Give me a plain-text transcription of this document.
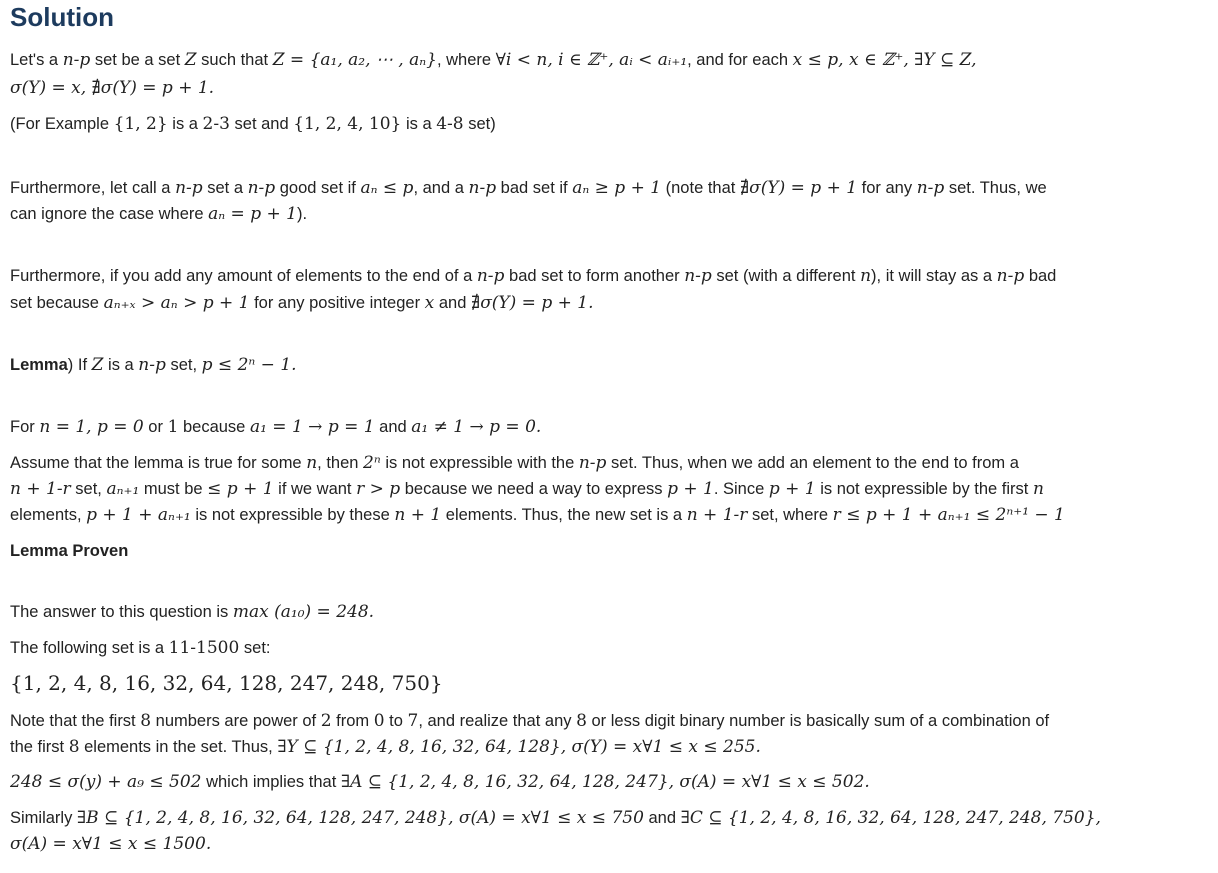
Solution
Let's a n-p set be a set Z such that Z = {a₁, a₂, ⋯ , aₙ}, where ∀i < n, i ∈ ℤ⁺, aᵢ < aᵢ₊₁, and for each x ≤ p, x ∈ ℤ⁺, ∃Y ⊆ Z,
σ(Y) = x, ∄σ(Y) = p + 1.
(For Example {1, 2} is a 2-3 set and {1, 2, 4, 10} is a 4-8 set)
Furthermore, let call a n-p set a n-p good set if aₙ ≤ p, and a n-p bad set if aₙ ≥ p + 1 (note that ∄σ(Y) = p + 1 for any n-p set. Thus, we
can ignore the case where aₙ = p + 1).
Furthermore, if you add any amount of elements to the end of a n-p bad set to form another n-p set (with a different n), it will stay as a n-p bad
set because aₙ₊ₓ > aₙ > p + 1 for any positive integer x and ∄σ(Y) = p + 1.
Lemma) If Z is a n-p set, p ≤ 2ⁿ − 1.
For n = 1, p = 0 or 1 because a₁ = 1 → p = 1 and a₁ ≠ 1 → p = 0.
Assume that the lemma is true for some n, then 2ⁿ is not expressible with the n-p set. Thus, when we add an element to the end to from a
n + 1-r set, aₙ₊₁ must be ≤ p + 1 if we want r > p because we need a way to express p + 1. Since p + 1 is not expressible by the first n
elements, p + 1 + aₙ₊₁ is not expressible by these n + 1 elements. Thus, the new set is a n + 1-r set, where r ≤ p + 1 + aₙ₊₁ ≤ 2ⁿ⁺¹ − 1
Lemma Proven
The answer to this question is max (a₁₀) = 248.
The following set is a 11-1500 set:
{1, 2, 4, 8, 16, 32, 64, 128, 247, 248, 750}
Note that the first 8 numbers are power of 2 from 0 to 7, and realize that any 8 or less digit binary number is basically sum of a combination of
the first 8 elements in the set. Thus, ∃Y ⊆ {1, 2, 4, 8, 16, 32, 64, 128}, σ(Y) = x∀1 ≤ x ≤ 255.
248 ≤ σ(y) + a₉ ≤ 502 which implies that ∃A ⊆ {1, 2, 4, 8, 16, 32, 64, 128, 247}, σ(A) = x∀1 ≤ x ≤ 502.
Similarly ∃B ⊆ {1, 2, 4, 8, 16, 32, 64, 128, 247, 248}, σ(A) = x∀1 ≤ x ≤ 750 and ∃C ⊆ {1, 2, 4, 8, 16, 32, 64, 128, 247, 248, 750},
σ(A) = x∀1 ≤ x ≤ 1500.
